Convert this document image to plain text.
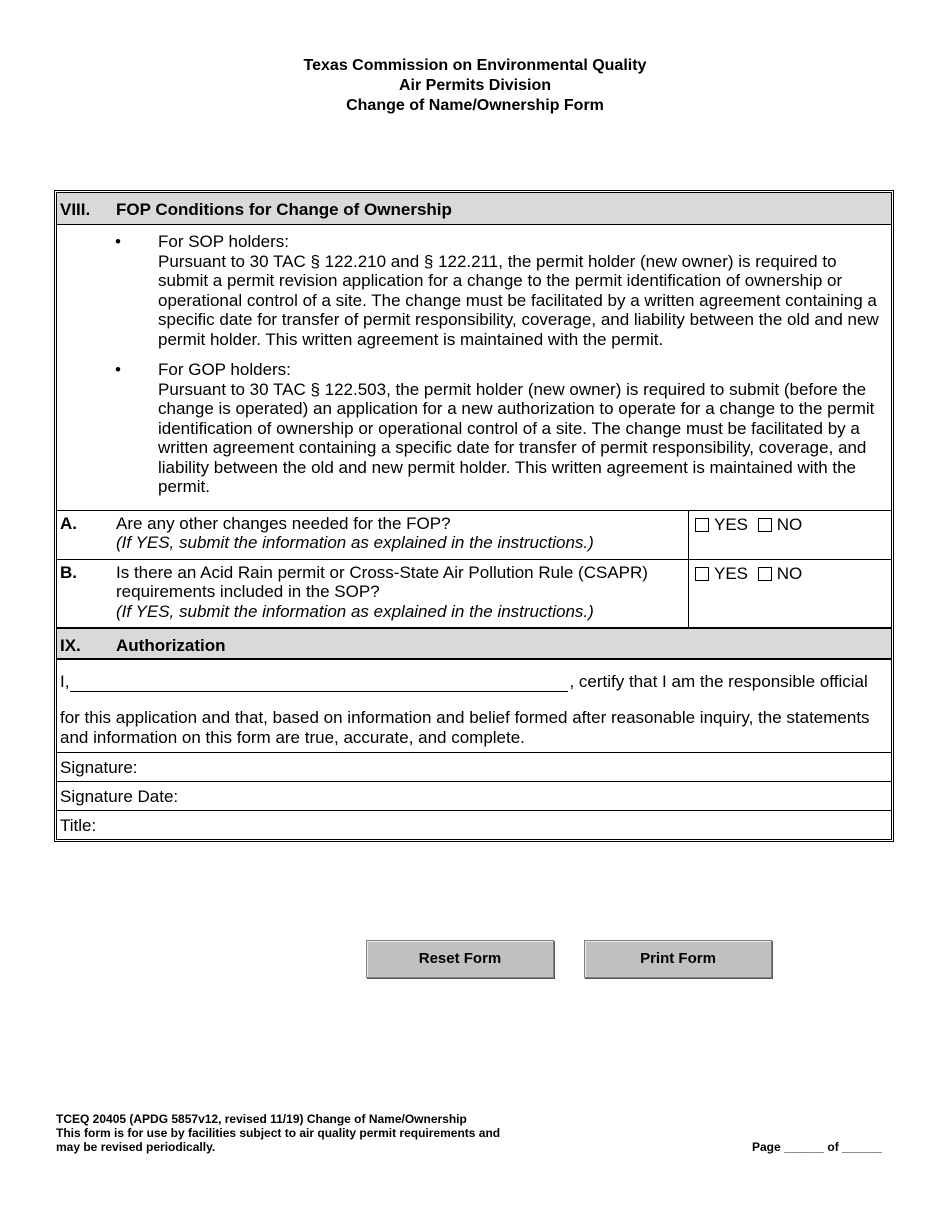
Texas Commission on Environmental Quality
Air Permits Division
Change of Name/Ownership Form
VIII. FOP Conditions for Change of Ownership
• For SOP holders:
Pursuant to 30 TAC § 122.210 and § 122.211, the permit holder (new owner) is required to submit a permit revision application for a change to the permit identification of ownership or operational control of a site. The change must be facilitated by a written agreement containing a specific date for transfer of permit responsibility, coverage, and liability between the old and new permit holder. This written agreement is maintained with the permit.
• For GOP holders:
Pursuant to 30 TAC § 122.503, the permit holder (new owner) is required to submit (before the change is operated) an application for a new authorization to operate for a change to the permit identification of ownership or operational control of a site. The change must be facilitated by a written agreement containing a specific date for transfer of permit responsibility, coverage, and liability between the old and new permit holder. This written agreement is maintained with the permit.
A.	Are any other changes needed for the FOP?
(If YES, submit the information as explained in the instructions.)
YES NO
B.	Is there an Acid Rain permit or Cross-State Air Pollution Rule (CSAPR) requirements included in the SOP?
(If YES, submit the information as explained in the instructions.)
YES NO
IX. Authorization
I,	, certify that I am the responsible official
for this application and that, based on information and belief formed after reasonable inquiry, the statements and information on this form are true, accurate, and complete.
Signature:
Signature Date:
Title:
Reset Form	Print Form
TCEQ 20405 (APDG 5857v12, revised 11/19) Change of Name/Ownership
This form is for use by facilities subject to air quality permit requirements and
may be revised periodically.	Page ______ of ______
